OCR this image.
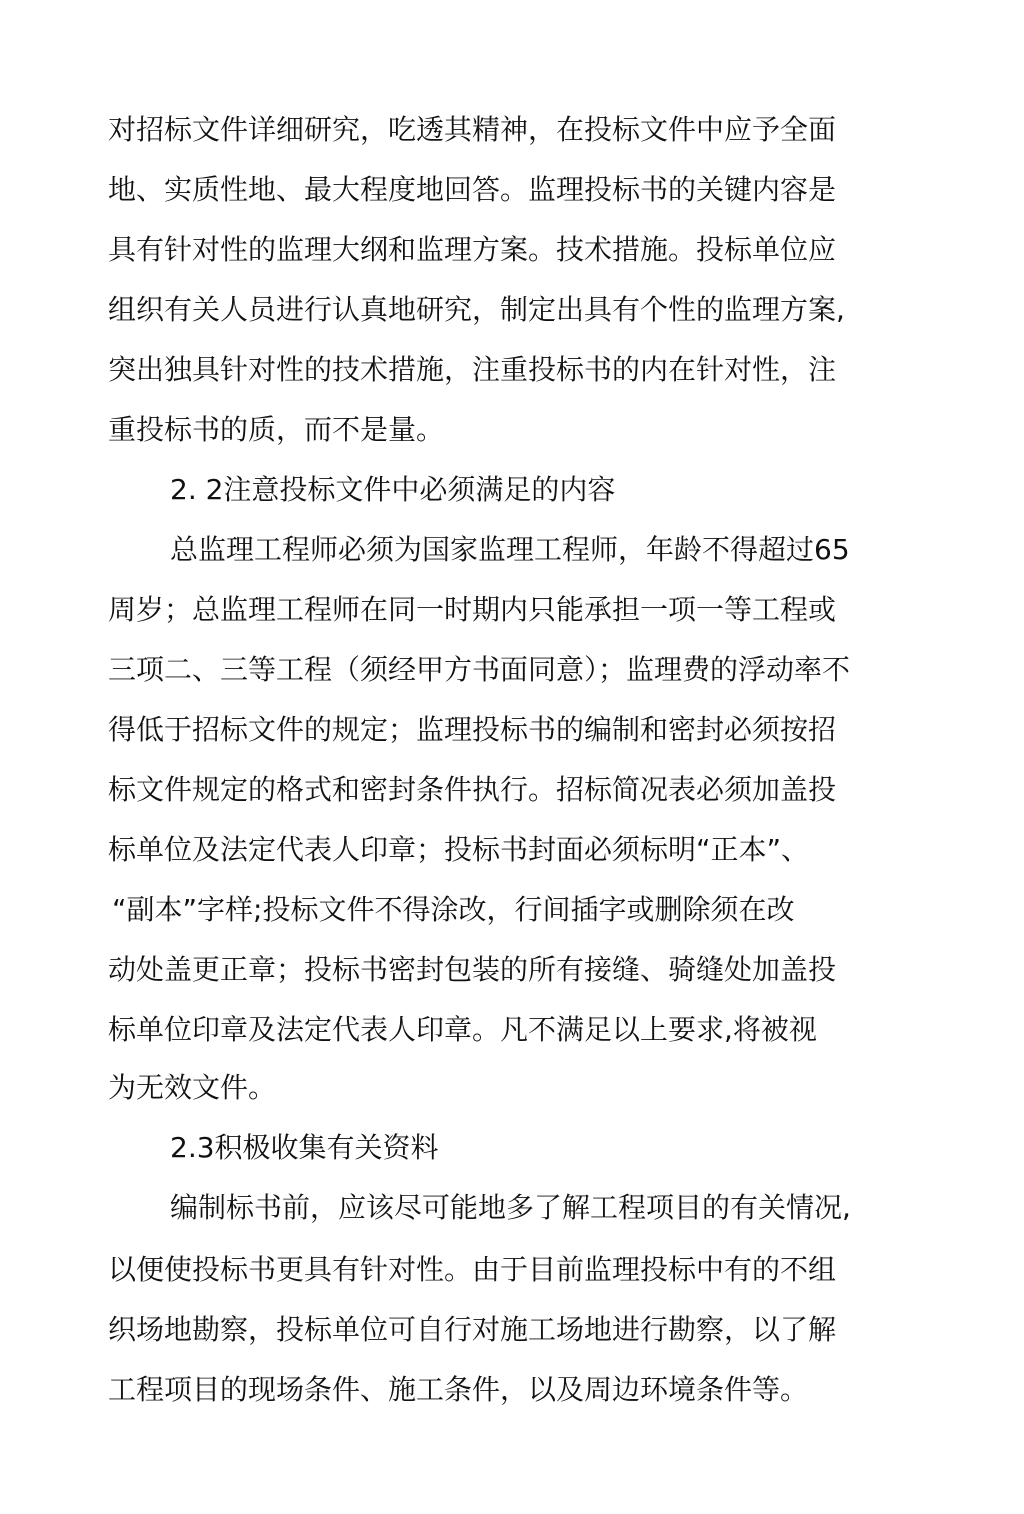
对招标文件详细研究，吃透其精神，在投标文件中应予全面

地、实质性地、最大程度地回答。监理投标书的关键内容是

具有针对性的监理大纲和监理方案。技术措施。投标单位应

组织有关人员进行认真地研究，制定出具有个性的监理方案,

突出独具针对性的技术措施，注重投标书的内在针对性，注

重投标书的质，而不是量。

2. 2注意投标文件中必须满足的内容

总监理工程师必须为国家监理工程师，年龄不得超过65

周岁；总监理工程师在同一时期内只能承担一项一等工程或

三项二、三等工程（须经甲方书面同意）；监理费的浮动率不

得低于招标文件的规定；监理投标书的编制和密封必须按招

标文件规定的格式和密封条件执行。招标简况表必须加盖投

标单位及法定代表人印章；投标书封面必须标明“正本”、

“副本”字样;投标文件不得涂改，行间插字或删除须在改

动处盖更正章；投标书密封包装的所有接缝、骑缝处加盖投

标单位印章及法定代表人印章。凡不满足以上要求,将被视

为无效文件。

2.3积极收集有关资料

编制标书前，应该尽可能地多了解工程项目的有关情况,

以便使投标书更具有针对性。由于目前监理投标中有的不组

织场地勘察，投标单位可自行对施工场地进行勘察，以了解

工程项目的现场条件、施工条件，以及周边环境条件等。
